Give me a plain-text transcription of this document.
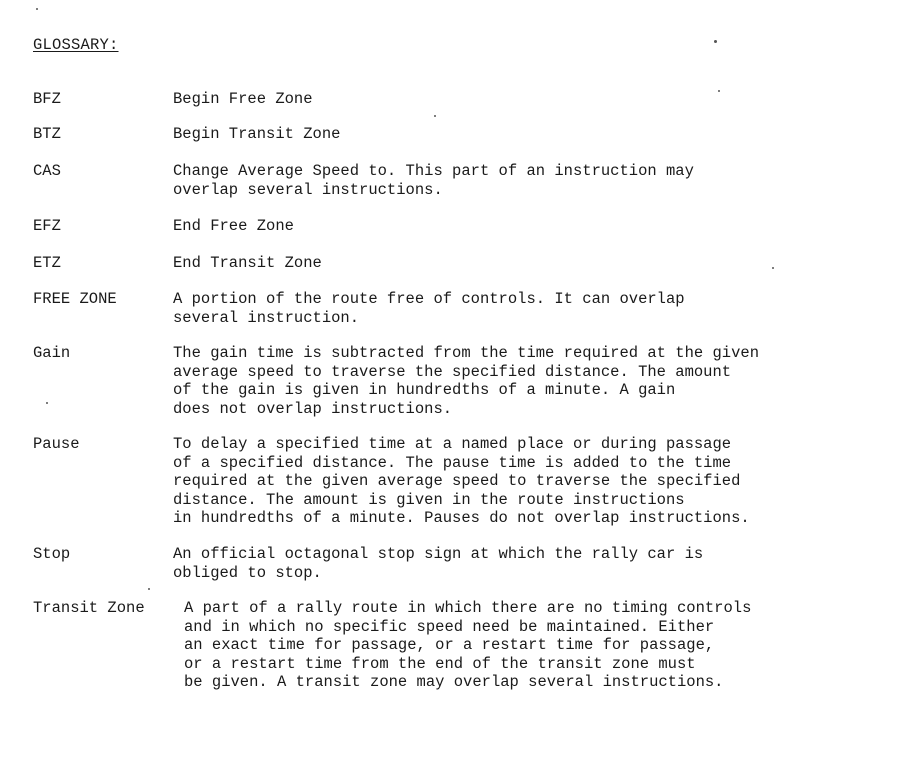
GLOSSARY:
BFZ	Begin Free Zone
BTZ	Begin Transit Zone
CAS	Change Average Speed to. This part of an instruction may
overlap several instructions.
EFZ	End Free Zone
ETZ	End Transit Zone
FREE ZONE	A portion of the route free of controls. It can overlap
several instruction.
Gain	The gain time is subtracted from the time required at the given
average speed to traverse the specified distance. The amount
of the gain is given in hundredths of a minute. A gain
does not overlap instructions.
Pause	To delay a specified time at a named place or during passage
of a specified distance. The pause time is added to the time
required at the given average speed to traverse the specified
distance. The amount is given in the route instructions
in hundredths of a minute. Pauses do not overlap instructions.
Stop	An official octagonal stop sign at which the rally car is
obliged to stop.
Transit Zone	A part of a rally route in which there are no timing controls
and in which no specific speed need be maintained. Either
an exact time for passage, or a restart time for passage,
or a restart time from the end of the transit zone must
be given. A transit zone may overlap several instructions.
